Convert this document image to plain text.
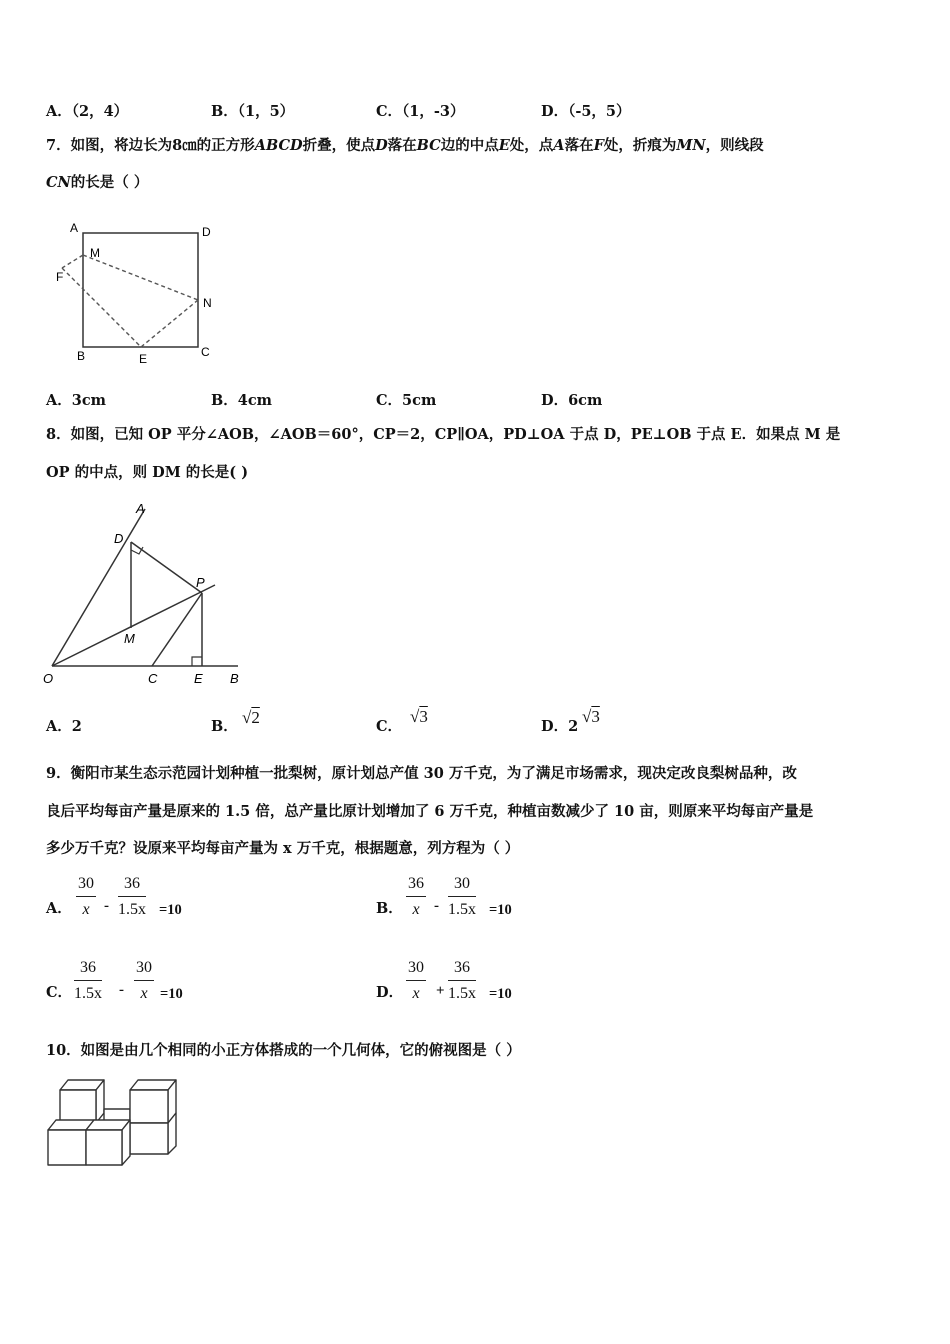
A．（2，4）	B．（1，5）	C．（1，-3）	D．（-5，5）
7．如图，将边长为8㎝的正方形ABCD折叠，使点D落在BC边的中点E处，点A落在F处，折痕为MN，则线段
CN的长是（ ）
A	D
M
F
N
B	E	C
A．3cm	B．4cm	C．5cm	D．6cm
8．如图，已知 OP 平分∠AOB，∠AOB＝60°，CP＝2，CP∥OA，PD⊥OA 于点 D，PE⊥OB 于点 E．如果点 M 是
OP 的中点，则 DM 的长是( )
A
D
P
M
O	C	E B
A．2	B． √2	C．
√3
D．2
√3
9．衡阳市某生态示范园计划种植一批梨树，原计划总产值 30 万千克，为了满足市场需求，现决定改良梨树品种，改
良后平均每亩产量是原来的 1.5 倍，总产量比原计划增加了 6 万千克，种植亩数减少了 10 亩，则原来平均每亩产量是
多少万千克？设原来平均每亩产量为 x 万千克，根据题意，列方程为（ ）
A． $\frac{30}{x} - \frac{36}{1.5x} =10$	B． $\frac{36}{x} - \frac{30}{1.5x} =10$
C． $\frac{36}{1.5x} - \frac{30}{x} =10$	D． $\frac{30}{x} + \frac{36}{1.5x} =10$
10．如图是由几个相同的小正方体搭成的一个几何体，它的俯视图是（ ）
